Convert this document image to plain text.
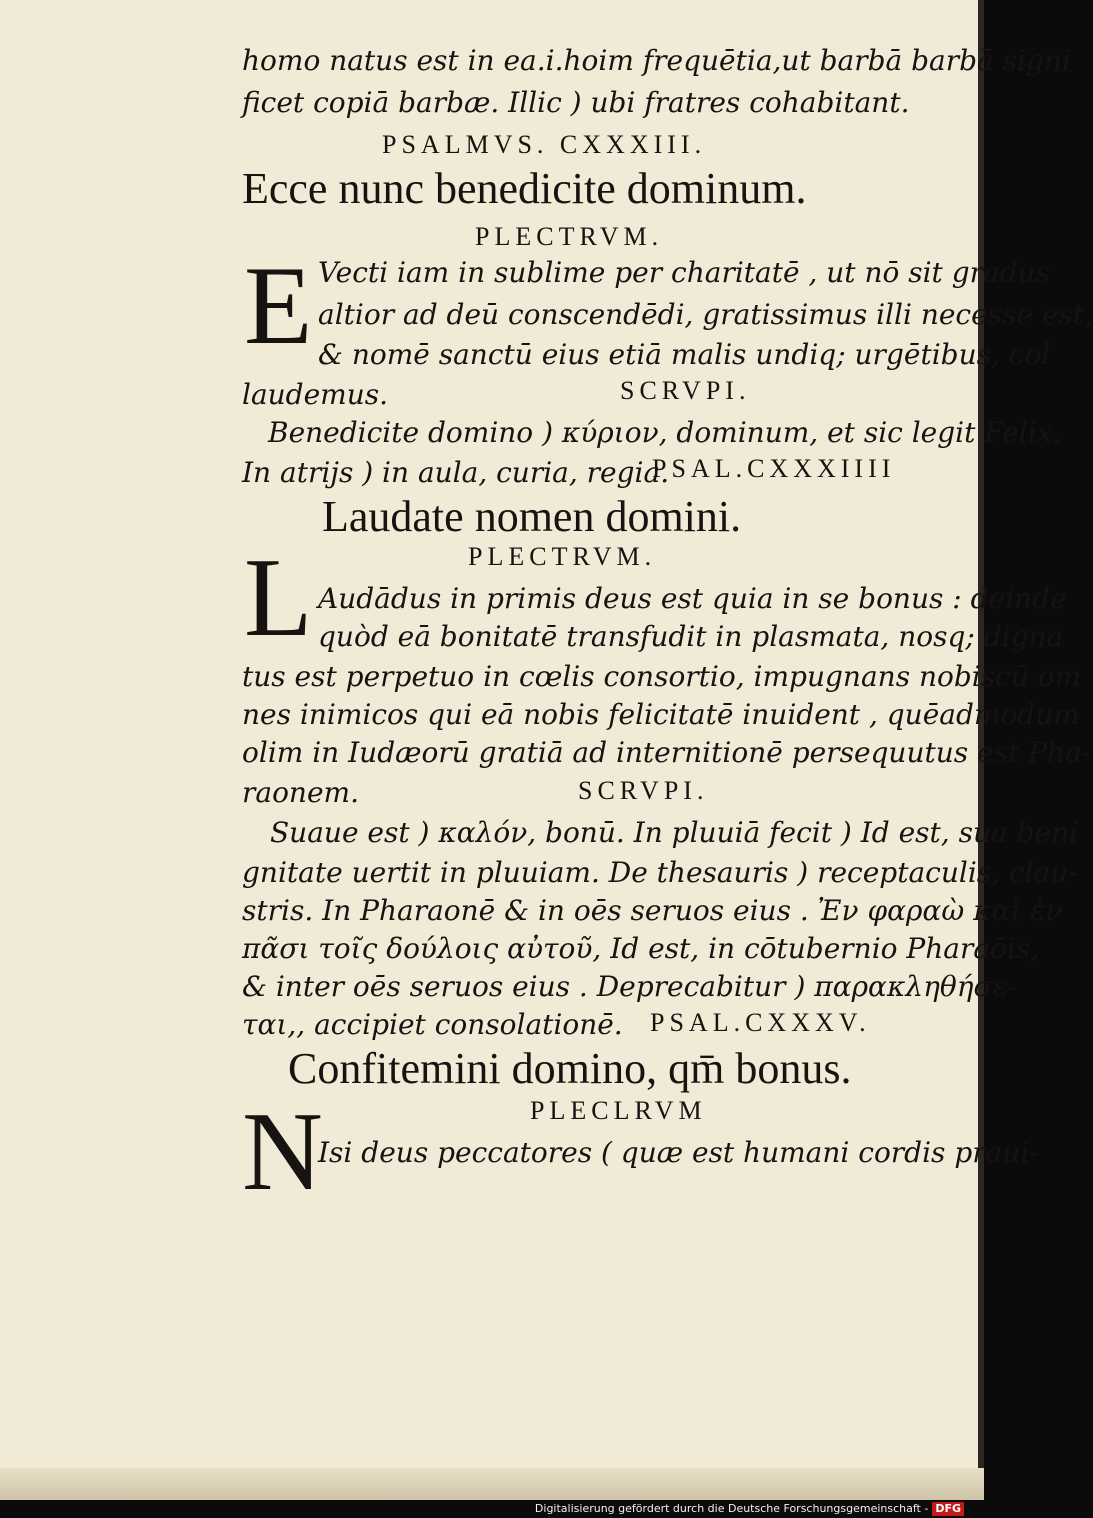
homo natus est in ea.i.hoim frequētia,ut barbā barbā signi
ficet copiā barbæ. Illic ) ubi fratres cohabitant.
PSALMVS. CXXXIII.
Ecce nunc benedicite dominum.
PLECTRVM.
E Vecti iam in sublime per charitatē , ut nō sit gradus
altior ad deū conscendēdi, gratissimus illi necesse est,
& nomē sanctū eius etiā malis undiq; urgētibus, col
laudemus.	SCRVPI.
Benedicite domino ) κύριον, dominum, et sic legit Felix.
In atrijs ) in aula, curia, regia.
PSAL.CXXXIIII
Laudate nomen domini.
PLECTRVM.
L Audādus in primis deus est quia in se bonus : deinde
quòd eā bonitatē transfudit in plasmata, nosq; digna
tus est perpetuo in cœlis consortio, impugnans nobiscū om
nes inimicos qui eā nobis felicitatē inuident , quēadmodum
olim in Iudæorū gratiā ad internitionē persequutus est Pha-
raonem.	SCRVPI.
Suaue est ) καλόν, bonū. In pluuiā fecit ) Id est, sua beni
gnitate uertit in pluuiam. De thesauris ) receptaculis, clau-
stris. In Pharaonē & in oēs seruos eius . Ἐν φαραὼ καὶ ἐν
πᾶσι τοῖς δούλοις αὐτοῦ, Id est, in cōtubernio Pharaōis,
& inter oēs seruos eius . Deprecabitur ) παρακληθήσε-
ται,, accipiet consolationē. PSAL.CXXXV.
Confitemini domino, qm̄ bonus.
PLECLRVM
N
Isi deus peccatores ( quæ est humani cordis praui-
Digitalisierung gefördert durch die Deutsche Forschungsgemeinschaft - DFG
